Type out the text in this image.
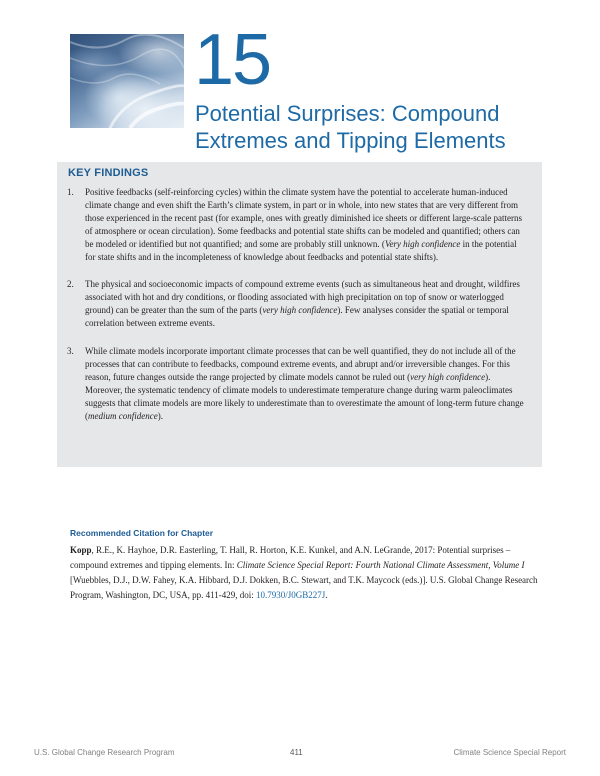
15
Potential Surprises: Compound Extremes and Tipping Elements
KEY FINDINGS
1. Positive feedbacks (self-reinforcing cycles) within the climate system have the potential to accelerate human-induced climate change and even shift the Earth’s climate system, in part or in whole, into new states that are very different from those experienced in the recent past (for example, ones with greatly diminished ice sheets or different large-scale patterns of atmosphere or ocean circulation). Some feedbacks and potential state shifts can be modeled and quantified; others can be modeled or identified but not quantified; and some are probably still unknown. (Very high confidence in the potential for state shifts and in the incompleteness of knowledge about feedbacks and potential state shifts).
2. The physical and socioeconomic impacts of compound extreme events (such as simultaneous heat and drought, wildfires associated with hot and dry conditions, or flooding associated with high precipitation on top of snow or waterlogged ground) can be greater than the sum of the parts (very high confidence). Few analyses consider the spatial or temporal correlation between extreme events.
3. While climate models incorporate important climate processes that can be well quantified, they do not include all of the processes that can contribute to feedbacks, compound extreme events, and abrupt and/or irreversible changes. For this reason, future changes outside the range projected by climate models cannot be ruled out (very high confidence). Moreover, the systematic tendency of climate models to underestimate temperature change during warm paleoclimates suggests that climate models are more likely to underestimate than to overestimate the amount of long-term future change (medium confidence).
Recommended Citation for Chapter

Kopp, R.E., K. Hayhoe, D.R. Easterling, T. Hall, R. Horton, K.E. Kunkel, and A.N. LeGrande, 2017: Potential surprises – compound extremes and tipping elements. In: Climate Science Special Report: Fourth National Climate Assessment, Volume I [Wuebbles, D.J., D.W. Fahey, K.A. Hibbard, D.J. Dokken, B.C. Stewart, and T.K. Maycock (eds.)]. U.S. Global Change Research Program, Washington, DC, USA, pp. 411-429, doi: 10.7930/J0GB227J.

U.S. Global Change Research Program	411	Climate Science Special Report
